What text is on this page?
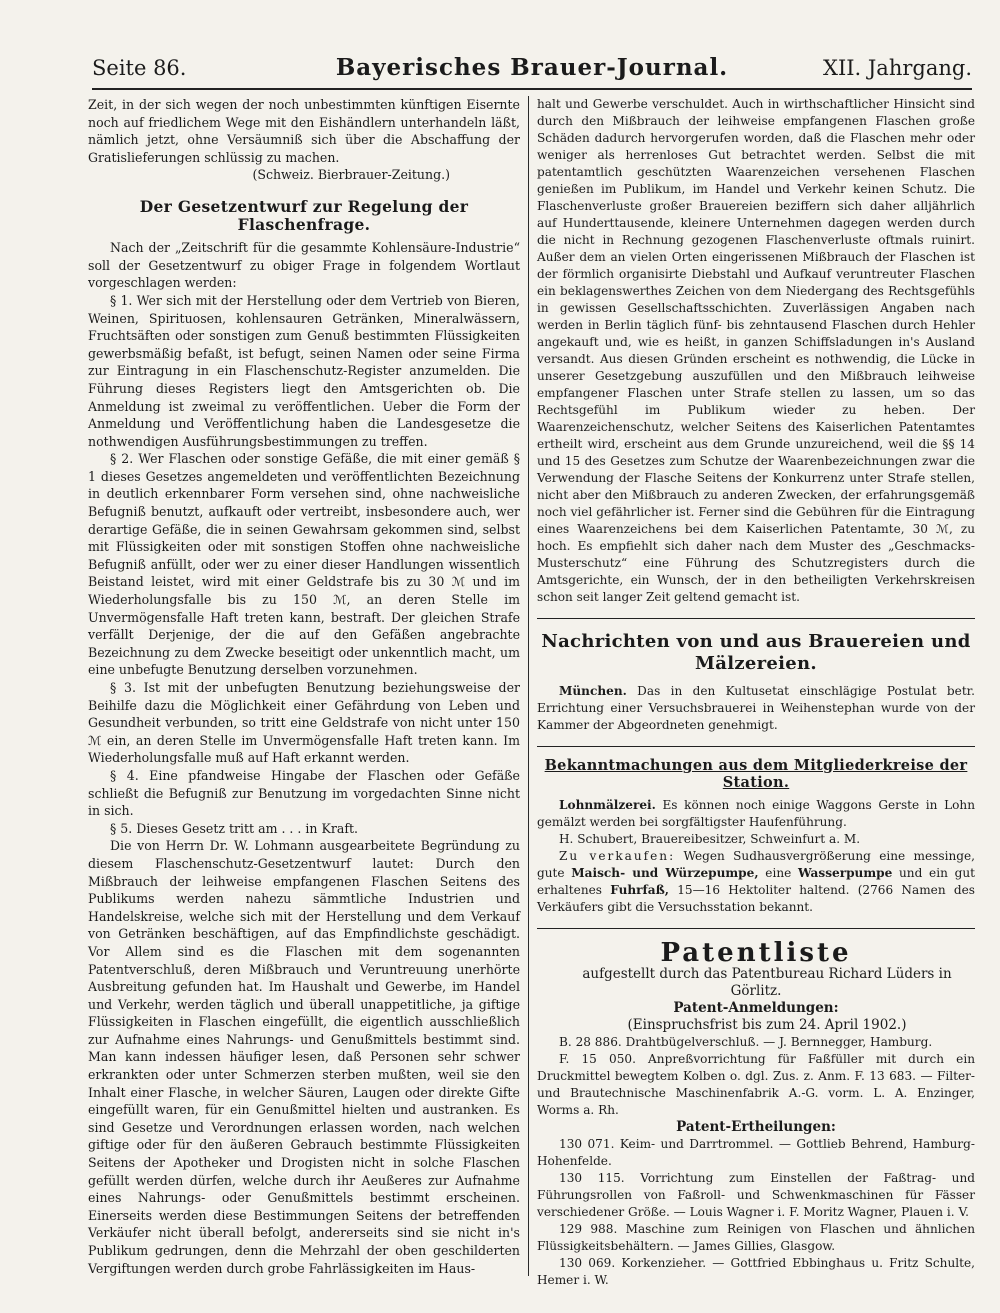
Seite 86.	Bayerisches Brauer-Journal.	XII. Jahrgang.

Zeit, in der sich wegen der noch unbestimmten künftigen Eisernte noch auf friedlichem Wege mit den Eishändlern unterhandeln läßt, nämlich jetzt, ohne Versäumniß sich über die Abschaffung der Gratislieferungen schlüssig zu machen.

(Schweiz. Bierbrauer-Zeitung.)

Der Gesetzentwurf zur Regelung der Flaschenfrage.

Nach der „Zeitschrift für die gesammte Kohlensäure-Industrie“ soll der Gesetzentwurf zu obiger Frage in folgendem Wortlaut vorgeschlagen werden:

§ 1. Wer sich mit der Herstellung oder dem Vertrieb von Bieren, Weinen, Spirituosen, kohlensauren Getränken, Mineralwässern, Fruchtsäften oder sonstigen zum Genuß bestimmten Flüssigkeiten gewerbsmäßig befaßt, ist befugt, seinen Namen oder seine Firma zur Eintragung in ein Flaschenschutz-Register anzumelden. Die Führung dieses Registers liegt den Amtsgerichten ob. Die Anmeldung ist zweimal zu veröffentlichen. Ueber die Form der Anmeldung und Veröffentlichung haben die Landesgesetze die nothwendigen Ausführungsbestimmungen zu treffen.

§ 2. Wer Flaschen oder sonstige Gefäße, die mit einer gemäß § 1 dieses Gesetzes angemeldeten und veröffentlichten Bezeichnung in deutlich erkennbarer Form versehen sind, ohne nachweisliche Befugniß benutzt, aufkauft oder vertreibt, insbesondere auch, wer derartige Gefäße, die in seinen Gewahrsam gekommen sind, selbst mit Flüssigkeiten oder mit sonstigen Stoffen ohne nachweisliche Befugniß anfüllt, oder wer zu einer dieser Handlungen wissentlich Beistand leistet, wird mit einer Geldstrafe bis zu 30 ℳ und im Wiederholungsfalle bis zu 150 ℳ, an deren Stelle im Unvermögensfalle Haft treten kann, bestraft. Der gleichen Strafe verfällt Derjenige, der die auf den Gefäßen angebrachte Bezeichnung zu dem Zwecke beseitigt oder unkenntlich macht, um eine unbefugte Benutzung derselben vorzunehmen.

§ 3. Ist mit der unbefugten Benutzung beziehungsweise der Beihilfe dazu die Möglichkeit einer Gefährdung von Leben und Gesundheit verbunden, so tritt eine Geldstrafe von nicht unter 150 ℳ ein, an deren Stelle im Unvermögensfalle Haft treten kann. Im Wiederholungsfalle muß auf Haft erkannt werden.

§ 4. Eine pfandweise Hingabe der Flaschen oder Gefäße schließt die Befugniß zur Benutzung im vorgedachten Sinne nicht in sich.

§ 5. Dieses Gesetz tritt am . . . in Kraft.

Die von Herrn Dr. W. Lohmann ausgearbeitete Begründung zu diesem Flaschenschutz-Gesetzentwurf lautet: Durch den Mißbrauch der leihweise empfangenen Flaschen Seitens des Publikums werden nahezu sämmtliche Industrien und Handelskreise, welche sich mit der Herstellung und dem Verkauf von Getränken beschäftigen, auf das Empfindlichste geschädigt. Vor Allem sind es die Flaschen mit dem sogenannten Patentverschluß, deren Mißbrauch und Veruntreuung unerhörte Ausbreitung gefunden hat. Im Haushalt und Gewerbe, im Handel und Verkehr, werden täglich und überall unappetitliche, ja giftige Flüssigkeiten in Flaschen eingefüllt, die eigentlich ausschließlich zur Aufnahme eines Nahrungs- und Genußmittels bestimmt sind. Man kann indessen häufiger lesen, daß Personen sehr schwer erkrankten oder unter Schmerzen sterben mußten, weil sie den Inhalt einer Flasche, in welcher Säuren, Laugen oder direkte Gifte eingefüllt waren, für ein Genußmittel hielten und austranken. Es sind Gesetze und Verordnungen erlassen worden, nach welchen giftige oder für den äußeren Gebrauch bestimmte Flüssigkeiten Seitens der Apotheker und Drogisten nicht in solche Flaschen gefüllt werden dürfen, welche durch ihr Aeußeres zur Aufnahme eines Nahrungs- oder Genußmittels bestimmt erscheinen. Einerseits werden diese Bestimmungen Seitens der betreffenden Verkäufer nicht überall befolgt, andererseits sind sie nicht in's Publikum gedrungen, denn die Mehrzahl der oben geschilderten Vergiftungen werden durch grobe Fahrlässigkeiten im Haus-

halt und Gewerbe verschuldet. Auch in wirthschaftlicher Hinsicht sind durch den Mißbrauch der leihweise empfangenen Flaschen große Schäden dadurch hervorgerufen worden, daß die Flaschen mehr oder weniger als herrenloses Gut betrachtet werden. Selbst die mit patentamtlich geschützten Waarenzeichen versehenen Flaschen genießen im Publikum, im Handel und Verkehr keinen Schutz. Die Flaschenverluste großer Brauereien beziffern sich daher alljährlich auf Hunderttausende, kleinere Unternehmen dagegen werden durch die nicht in Rechnung gezogenen Flaschenverluste oftmals ruinirt. Außer dem an vielen Orten eingerissenen Mißbrauch der Flaschen ist der förmlich organisirte Diebstahl und Aufkauf veruntreuter Flaschen ein beklagenswerthes Zeichen von dem Niedergang des Rechtsgefühls in gewissen Gesellschaftsschichten. Zuverlässigen Angaben nach werden in Berlin täglich fünf- bis zehntausend Flaschen durch Hehler angekauft und, wie es heißt, in ganzen Schiffsladungen in's Ausland versandt. Aus diesen Gründen erscheint es nothwendig, die Lücke in unserer Gesetzgebung auszufüllen und den Mißbrauch leihweise empfangener Flaschen unter Strafe stellen zu lassen, um so das Rechtsgefühl im Publikum wieder zu heben. Der Waarenzeichenschutz, welcher Seitens des Kaiserlichen Patentamtes ertheilt wird, erscheint aus dem Grunde unzureichend, weil die §§ 14 und 15 des Gesetzes zum Schutze der Waarenbezeichnungen zwar die Verwendung der Flasche Seitens der Konkurrenz unter Strafe stellen, nicht aber den Mißbrauch zu anderen Zwecken, der erfahrungsgemäß noch viel gefährlicher ist. Ferner sind die Gebühren für die Eintragung eines Waarenzeichens bei dem Kaiserlichen Patentamte, 30 ℳ, zu hoch. Es empfiehlt sich daher nach dem Muster des „Geschmacks-Musterschutz“ eine Führung des Schutzregisters durch die Amtsgerichte, ein Wunsch, der in den betheiligten Verkehrskreisen schon seit langer Zeit geltend gemacht ist.

Nachrichten von und aus Brauereien und Mälzereien.

München. Das in den Kultusetat einschlägige Postulat betr. Errichtung einer Versuchsbrauerei in Weihenstephan wurde von der Kammer der Abgeordneten genehmigt.

Bekanntmachungen aus dem Mitgliederkreise der Station.

Lohnmälzerei. Es können noch einige Waggons Gerste in Lohn gemälzt werden bei sorgfältigster Haufenführung.

H. Schubert, Brauereibesitzer, Schweinfurt a. M.

Zu verkaufen: Wegen Sudhausvergrößerung eine messinge, gute Maisch- und Würzepumpe, eine Wasserpumpe und ein gut erhaltenes Fuhrfaß, 15—16 Hektoliter haltend. (2766 Namen des Verkäufers gibt die Versuchsstation bekannt.

Patentliste

aufgestellt durch das Patentbureau Richard Lüders in Görlitz.

Patent-Anmeldungen:

(Einspruchsfrist bis zum 24. April 1902.)

B. 28 886. Drahtbügelverschluß. — J. Bernnegger, Hamburg.

F. 15 050. Anpreßvorrichtung für Faßfüller mit durch ein Druckmittel bewegtem Kolben o. dgl. Zus. z. Anm. F. 13 683. — Filter- und Brautechnische Maschinenfabrik A.-G. vorm. L. A. Enzinger, Worms a. Rh.

Patent-Ertheilungen:

130 071. Keim- und Darrtrommel. — Gottlieb Behrend, Hamburg-Hohenfelde.

130 115. Vorrichtung zum Einstellen der Faßtrag- und Führungsrollen von Faßroll- und Schwenkmaschinen für Fässer verschiedener Größe. — Louis Wagner i. F. Moritz Wagner, Plauen i. V.

129 988. Maschine zum Reinigen von Flaschen und ähnlichen Flüssigkeitsbehältern. — James Gillies, Glasgow.

130 069. Korkenzieher. — Gottfried Ebbinghaus u. Fritz Schulte, Hemer i. W.
